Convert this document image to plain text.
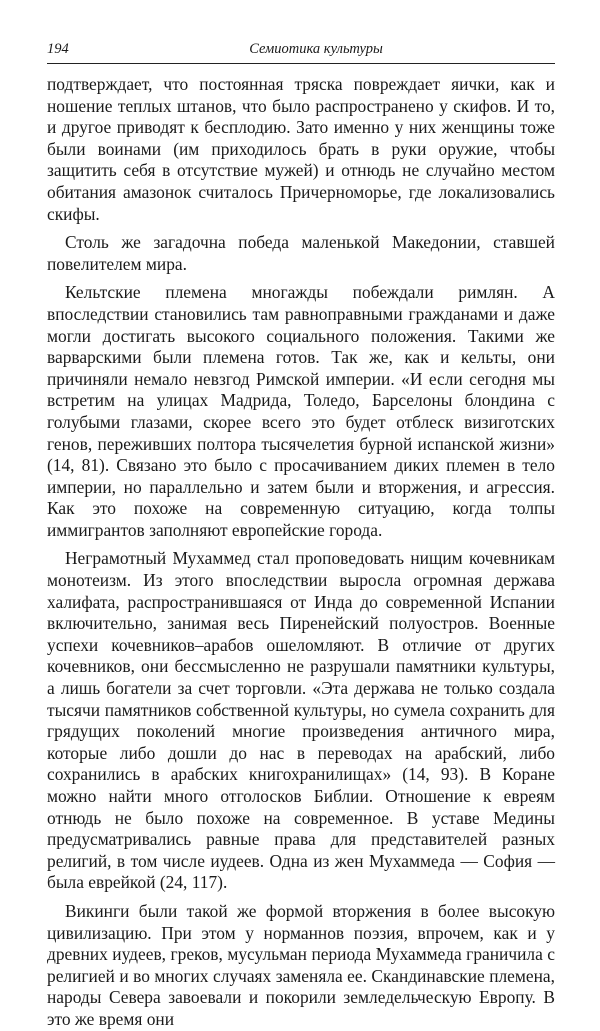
194	Семиотика культуры

подтверждает, что постоянная тряска повреждает яички, как и ношение теплых штанов, что было распространено у скифов. И то, и другое приводят к бесплодию. Зато именно у них женщины тоже были воинами (им приходилось брать в руки оружие, чтобы защитить себя в отсутствие мужей) и отнюдь не случайно местом обитания амазонок считалось Причерноморье, где локализовались скифы.

Столь же загадочна победа маленькой Македонии, ставшей повелителем мира.

Кельтские племена многажды побеждали римлян. А впоследствии становились там равноправными гражданами и даже могли достигать высокого социального положения. Такими же варварскими были племена готов. Так же, как и кельты, они причиняли немало невзгод Римской империи. «И если сегодня мы встретим на улицах Мадрида, Толедо, Барселоны блондина с голубыми глазами, скорее всего это будет отблеск визиготских генов, переживших полтора тысячелетия бурной испанской жизни» (14, 81). Связано это было с просачиванием диких племен в тело империи, но параллельно и затем были и вторжения, и агрессия. Как это похоже на современную ситуацию, когда толпы иммигрантов заполняют европейские города.

Неграмотный Мухаммед стал проповедовать нищим кочевникам монотеизм. Из этого впоследствии выросла огромная держава халифата, распространившаяся от Инда до современной Испании включительно, занимая весь Пиренейский полуостров. Военные успехи кочевников–арабов ошеломляют. В отличие от других кочевников, они бессмысленно не разрушали памятники культуры, а лишь богатели за счет торговли. «Эта держава не только создала тысячи памятников собственной культуры, но сумела сохранить для грядущих поколений многие произведения античного мира, которые либо дошли до нас в переводах на арабский, либо сохранились в арабских книгохранилищах» (14, 93). В Коране можно найти много отголосков Библии. Отношение к евреям отнюдь не было похоже на современное. В уставе Медины предусматривались равные права для представителей разных религий, в том числе иудеев. Одна из жен Мухаммеда — София — была еврейкой (24, 117).

Викинги были такой же формой вторжения в более высокую цивилизацию. При этом у норманнов поэзия, впрочем, как и у древних иудеев, греков, мусульман периода Мухаммеда граничила с религией и во многих случаях заменяла ее. Скандинавские племена, народы Севера завоевали и покорили земледельческую Европу. В это же время они
